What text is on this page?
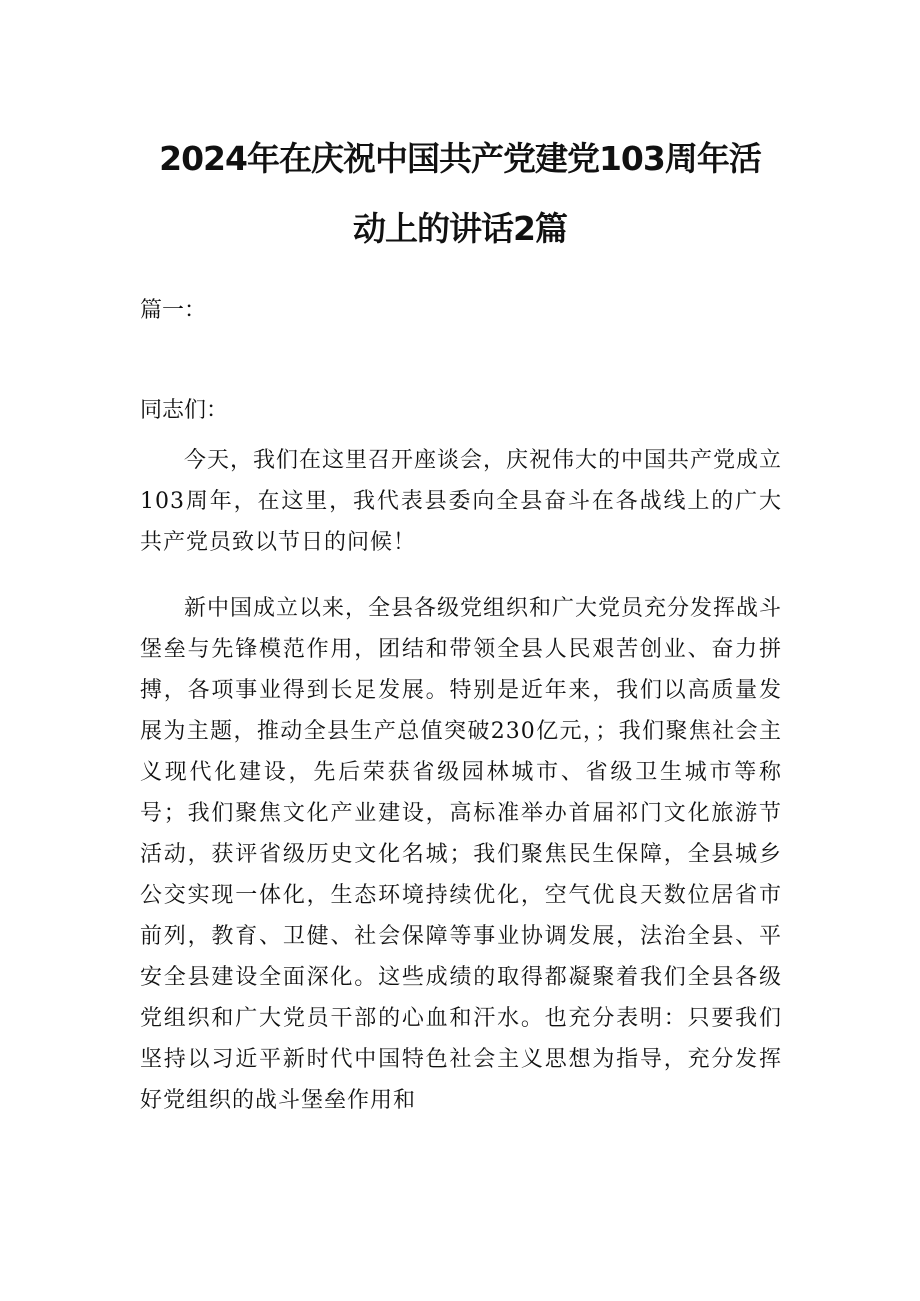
2024年在庆祝中国共产党建党103周年活
动上的讲话2篇

篇一：

同志们：

今天，我们在这里召开座谈会，庆祝伟大的中国共产党成立103周年，在这里，我代表县委向全县奋斗在各战线上的广大共产党员致以节日的问候！

新中国成立以来，全县各级党组织和广大党员充分发挥战斗堡垒与先锋模范作用，团结和带领全县人民艰苦创业、奋力拼搏，各项事业得到长足发展。特别是近年来，我们以高质量发展为主题，推动全县生产总值突破230亿元，；我们聚焦社会主义现代化建设，先后荣获省级园林城市、省级卫生城市等称号；我们聚焦文化产业建设，高标准举办首届祁门文化旅游节活动，获评省级历史文化名城；我们聚焦民生保障，全县城乡公交实现一体化，生态环境持续优化，空气优良天数位居省市前列，教育、卫健、社会保障等事业协调发展，法治全县、平安全县建设全面深化。这些成绩的取得都凝聚着我们全县各级党组织和广大党员干部的心血和汗水。也充分表明：只要我们坚持以习近平新时代中国特色社会主义思想为指导，充分发挥好党组织的战斗堡垒作用和
